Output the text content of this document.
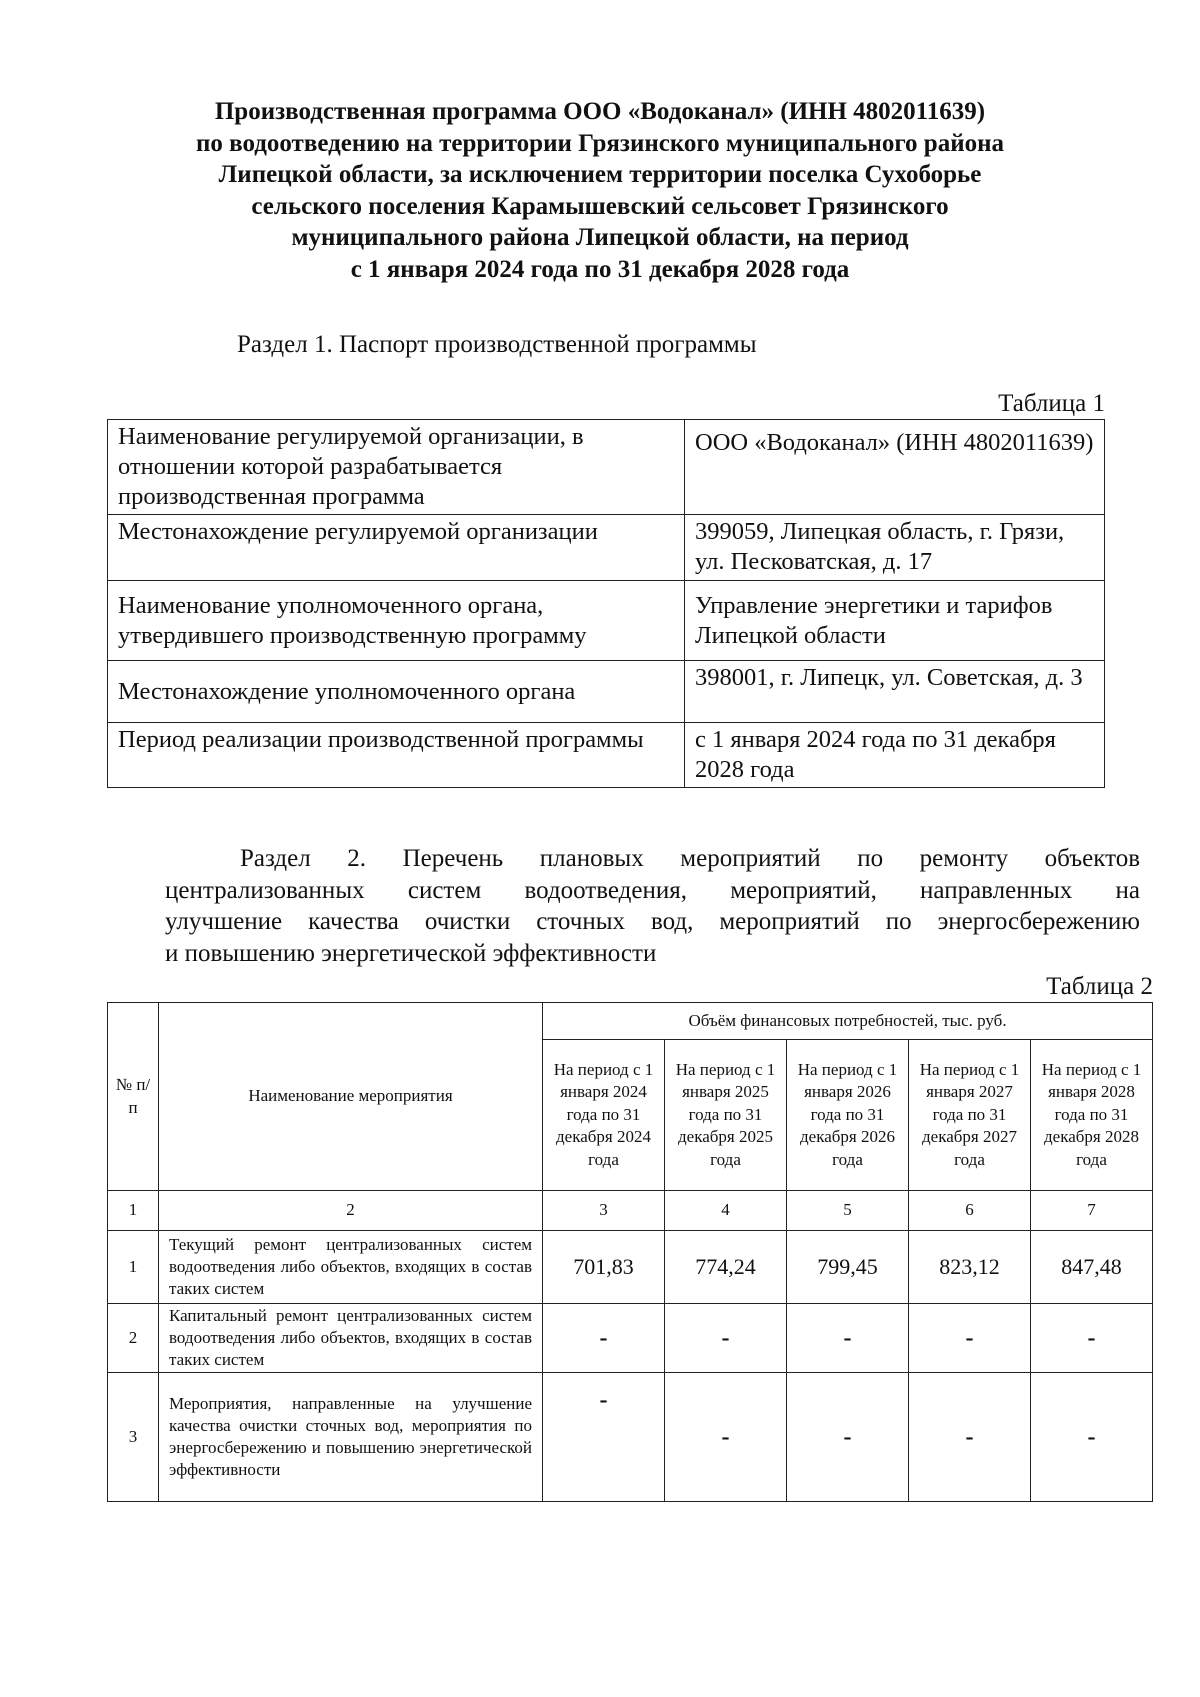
Производственная программа ООО «Водоканал» (ИНН 4802011639)
по водоотведению на территории Грязинского муниципального района
Липецкой области, за исключением территории поселка Сухоборье
сельского поселения Карамышевский сельсовет Грязинского
муниципального района Липецкой области, на период
с 1 января 2024 года по 31 декабря 2028 года
Раздел 1. Паспорт производственной программы
Таблица 1
Наименование регулируемой организации, в отношении которой разрабатывается производственная программа	ООО «Водоканал» (ИНН 4802011639)
Местонахождение регулируемой организации	399059, Липецкая область, г. Грязи, ул. Песковатская, д. 17
Наименование уполномоченного органа, утвердившего производственную программу	Управление энергетики и тарифов Липецкой области
Местонахождение уполномоченного органа	398001, г. Липецк, ул. Советская, д. 3
Период реализации производственной программы	с 1 января 2024 года по 31 декабря 2028 года
Раздел 2. Перечень плановых мероприятий по ремонту объектов
централизованных систем водоотведения, мероприятий, направленных на
улучшение качества очистки сточных вод, мероприятий по энергосбережению
и повышению энергетической эффективности
Таблица 2
№ п/п	Наименование мероприятия	Объём финансовых потребностей, тыс. руб.				
		На период с 1 января 2024 года по 31 декабря 2024 года	На период с 1 января 2025 года по 31 декабря 2025 года	На период с 1 января 2026 года по 31 декабря 2026 года	На период с 1 января 2027 года по 31 декабря 2027 года	На период с 1 января 2028 года по 31 декабря 2028 года
1	2	3	4	5	6	7
1	Текущий ремонт централизованных систем водоотведения либо объектов, входящих в состав таких систем	701,83	774,24	799,45	823,12	847,48
2	Капитальный ремонт централизованных систем водоотведения либо объектов, входящих в состав таких систем	-	-	-	-	-
3	Мероприятия, направленные на улучшение качества очистки сточных вод, мероприятия по энергосбережению и повышению энергетической эффективности	-	-	-	-	-
